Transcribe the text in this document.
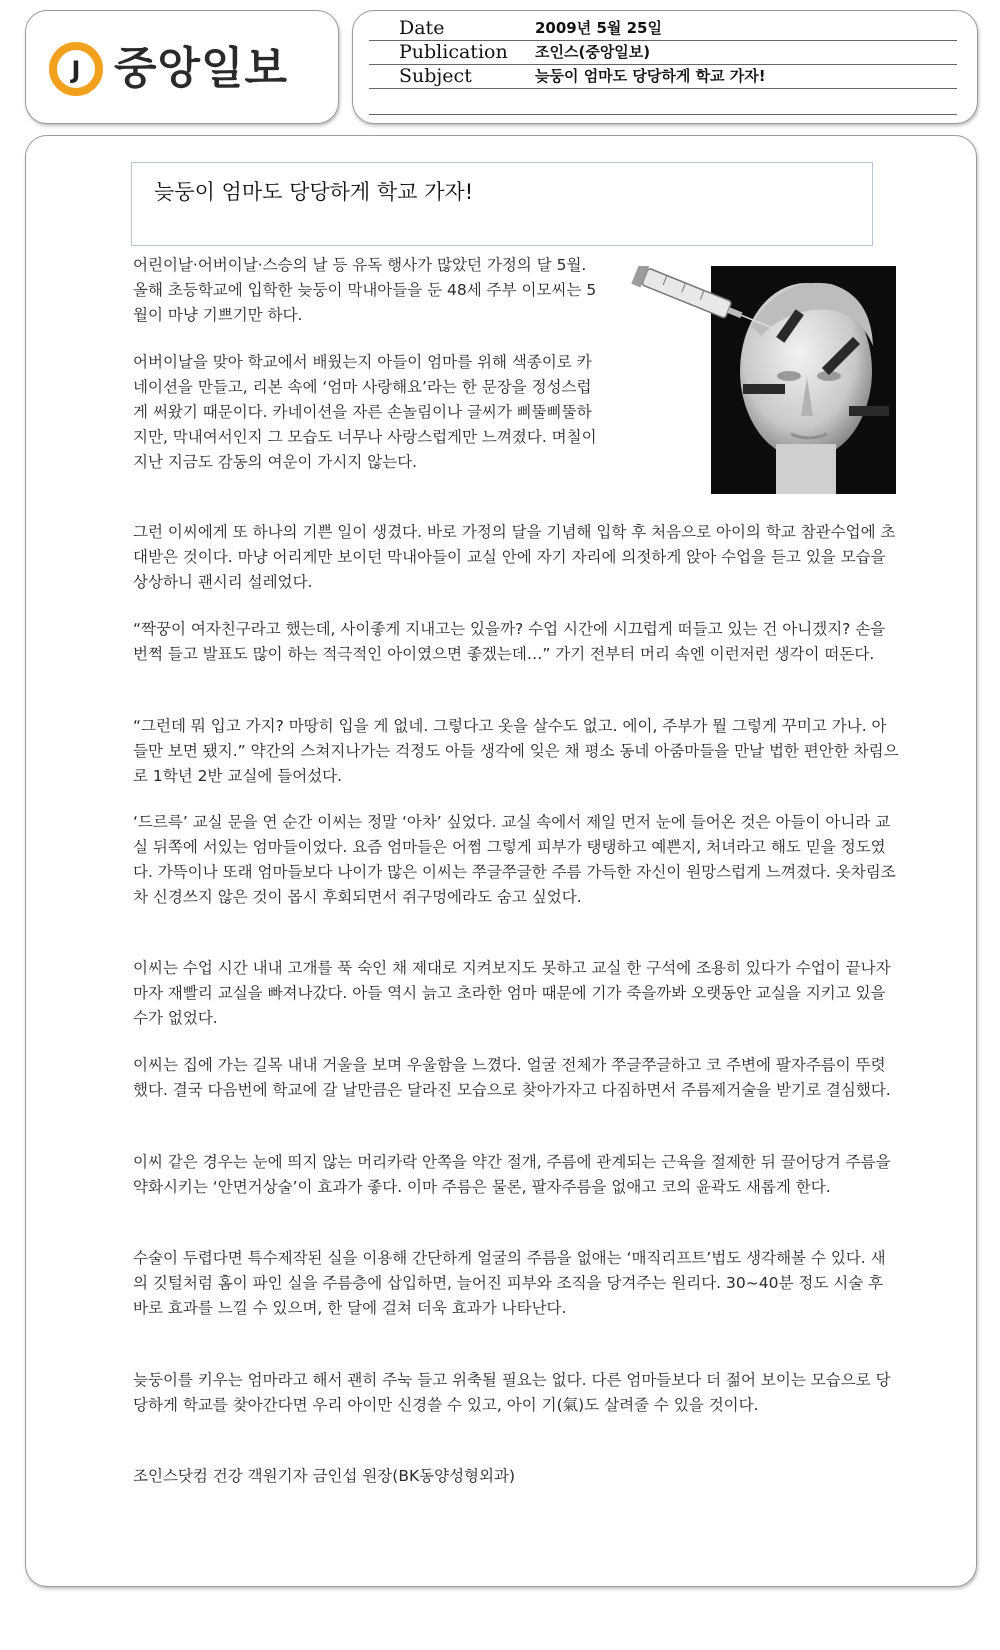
J 중앙일보
Date	2009년 5월 25일
Publication 조인스(중앙일보)
Subject	늦둥이 엄마도 당당하게 학교 가자!
늦둥이 엄마도 당당하게 학교 가자!

어린이날·어버이날·스승의 날 등 유독 행사가 많았던 가정의 달 5월. 올해 초등학교에 입학한 늦둥이 막내아들을 둔 48세 주부 이모씨는 5월이 마냥 기쁘기만 하다.

어버이날을 맞아 학교에서 배웠는지 아들이 엄마를 위해 색종이로 카네이션을 만들고, 리본 속에 ‘엄마 사랑해요’라는 한 문장을 정성스럽게 써왔기 때문이다. 카네이션을 자른 손놀림이나 글씨가 삐뚤삐뚤하지만, 막내여서인지 그 모습도 너무나 사랑스럽게만 느껴졌다. 며칠이 지난 지금도 감동의 여운이 가시지 않는다.

그런 이씨에게 또 하나의 기쁜 일이 생겼다. 바로 가정의 달을 기념해 입학 후 처음으로 아이의 학교 참관수업에 초대받은 것이다. 마냥 어리게만 보이던 막내아들이 교실 안에 자기 자리에 의젓하게 앉아 수업을 듣고 있을 모습을 상상하니 괜시리 설레었다.

“짝꿍이 여자친구라고 했는데, 사이좋게 지내고는 있을까? 수업 시간에 시끄럽게 떠들고 있는 건 아니겠지? 손을 번쩍 들고 발표도 많이 하는 적극적인 아이였으면 좋겠는데…” 가기 전부터 머리 속엔 이런저런 생각이 떠돈다.

“그런데 뭐 입고 가지? 마땅히 입을 게 없네. 그렇다고 옷을 살수도 없고. 에이, 주부가 뭘 그렇게 꾸미고 가나. 아들만 보면 됐지.” 약간의 스쳐지나가는 걱정도 아들 생각에 잊은 채 평소 동네 아줌마들을 만날 법한 편안한 차림으로 1학년 2반 교실에 들어섰다.

‘드르륵’ 교실 문을 연 순간 이씨는 정말 ‘아차’ 싶었다. 교실 속에서 제일 먼저 눈에 들어온 것은 아들이 아니라 교실 뒤쪽에 서있는 엄마들이었다. 요즘 엄마들은 어쩜 그렇게 피부가 탱탱하고 예쁜지, 처녀라고 해도 믿을 정도였다. 가뜩이나 또래 엄마들보다 나이가 많은 이씨는 쭈글쭈글한 주름 가득한 자신이 원망스럽게 느껴졌다. 옷차림조차 신경쓰지 않은 것이 몹시 후회되면서 쥐구멍에라도 숨고 싶었다.

이씨는 수업 시간 내내 고개를 푹 숙인 채 제대로 지켜보지도 못하고 교실 한 구석에 조용히 있다가 수업이 끝나자마자 재빨리 교실을 빠져나갔다. 아들 역시 늙고 초라한 엄마 때문에 기가 죽을까봐 오랫동안 교실을 지키고 있을 수가 없었다.

이씨는 집에 가는 길목 내내 거울을 보며 우울함을 느꼈다. 얼굴 전체가 쭈글쭈글하고 코 주변에 팔자주름이 뚜렷했다. 결국 다음번에 학교에 갈 날만큼은 달라진 모습으로 찾아가자고 다짐하면서 주름제거술을 받기로 결심했다.

이씨 같은 경우는 눈에 띄지 않는 머리카락 안쪽을 약간 절개, 주름에 관계되는 근육을 절제한 뒤 끌어당겨 주름을 약화시키는 ‘안면거상술’이 효과가 좋다. 이마 주름은 물론, 팔자주름을 없애고 코의 윤곽도 새롭게 한다.

수술이 두렵다면 특수제작된 실을 이용해 간단하게 얼굴의 주름을 없애는 ‘매직리프트’법도 생각해볼 수 있다. 새의 깃털처럼 홈이 파인 실을 주름층에 삽입하면, 늘어진 피부와 조직을 당겨주는 원리다. 30~40분 정도 시술 후 바로 효과를 느낄 수 있으며, 한 달에 걸쳐 더욱 효과가 나타난다.

늦둥이를 키우는 엄마라고 해서 괜히 주눅 들고 위축될 필요는 없다. 다른 엄마들보다 더 젊어 보이는 모습으로 당당하게 학교를 찾아간다면 우리 아이만 신경쓸 수 있고, 아이 기(氣)도 살려줄 수 있을 것이다.

조인스닷컴 건강 객원기자 금인섭 원장(BK동양성형외과)
